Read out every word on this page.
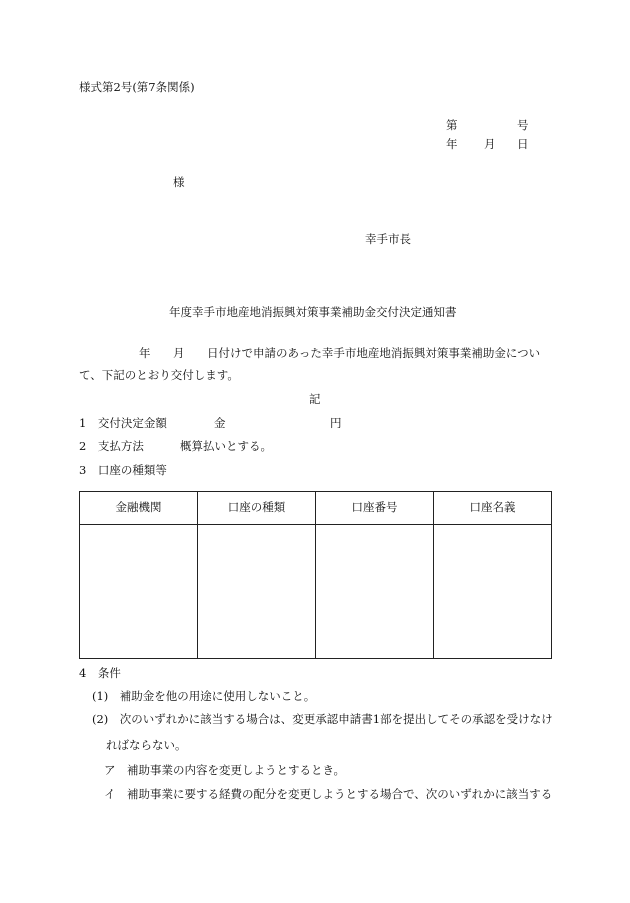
様式第2号(第7条関係)
第	号
年 月 日
様
幸手市長
年度幸手市地産地消振興対策事業補助金交付決定通知書
年 月 日付けで申請のあった幸手市地産地消振興対策事業補助金につい
て、下記のとおり交付します。
記
1　交付決定金額	金	円
2　支払方法	概算払いとする。
3　口座の種類等
金融機関	口座の種類	口座番号	口座名義

4　条件
(1)　補助金を他の用途に使用しないこと。
(2)　次のいずれかに該当する場合は、変更承認申請書1部を提出してその承認を受けなけ
ればならない。
ア　補助事業の内容を変更しようとするとき。
イ　補助事業に要する経費の配分を変更しようとする場合で、次のいずれかに該当する
